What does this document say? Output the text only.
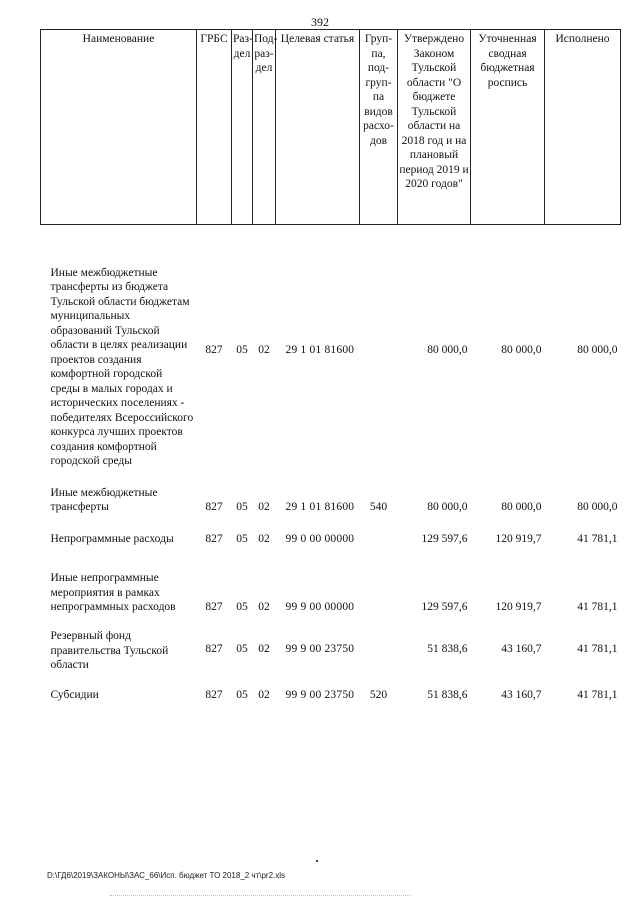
392
Наименование	ГРБС	Раз-дел	Под-раз-дел	Целевая статья	Груп-па, под-груп-па видов расхо-дов	Утверждено Законом Тульской области "О бюджете Тульской области на 2018 год и на плановый период 2019 и 2020 годов"	Уточненная сводная бюджетная роспись	Исполнено
Иные межбюджетные трансферты из бюджета Тульской области бюджетам муниципальных образований Тульской области в целях реализации проектов создания комфортной городской среды в малых городах и исторических поселениях - победителях Всероссийского конкурса лучших проектов создания комфортной городской среды	827	05	02	29 1 01 81600		80 000,0	80 000,0	80 000,0
Иные межбюджетные трансферты	827	05	02	29 1 01 81600	540	80 000,0	80 000,0	80 000,0
Непрограммные расходы	827	05	02	99 0 00 00000		129 597,6	120 919,7	41 781,1
Иные непрограммные мероприятия в рамках непрограммных расходов	827	05	02	99 9 00 00000		129 597,6	120 919,7	41 781,1
Резервный фонд правительства Тульской области	827	05	02	99 9 00 23750		51 838,6	43 160,7	41 781,1
Субсидии	827	05	02	99 9 00 23750	520	51 838,6	43 160,7	41 781,1
D:\ГД6\2019\ЗАКОНЫ\ЗАС_66\Исп. бюджет ТО 2018_2 чт\pr2.xls
